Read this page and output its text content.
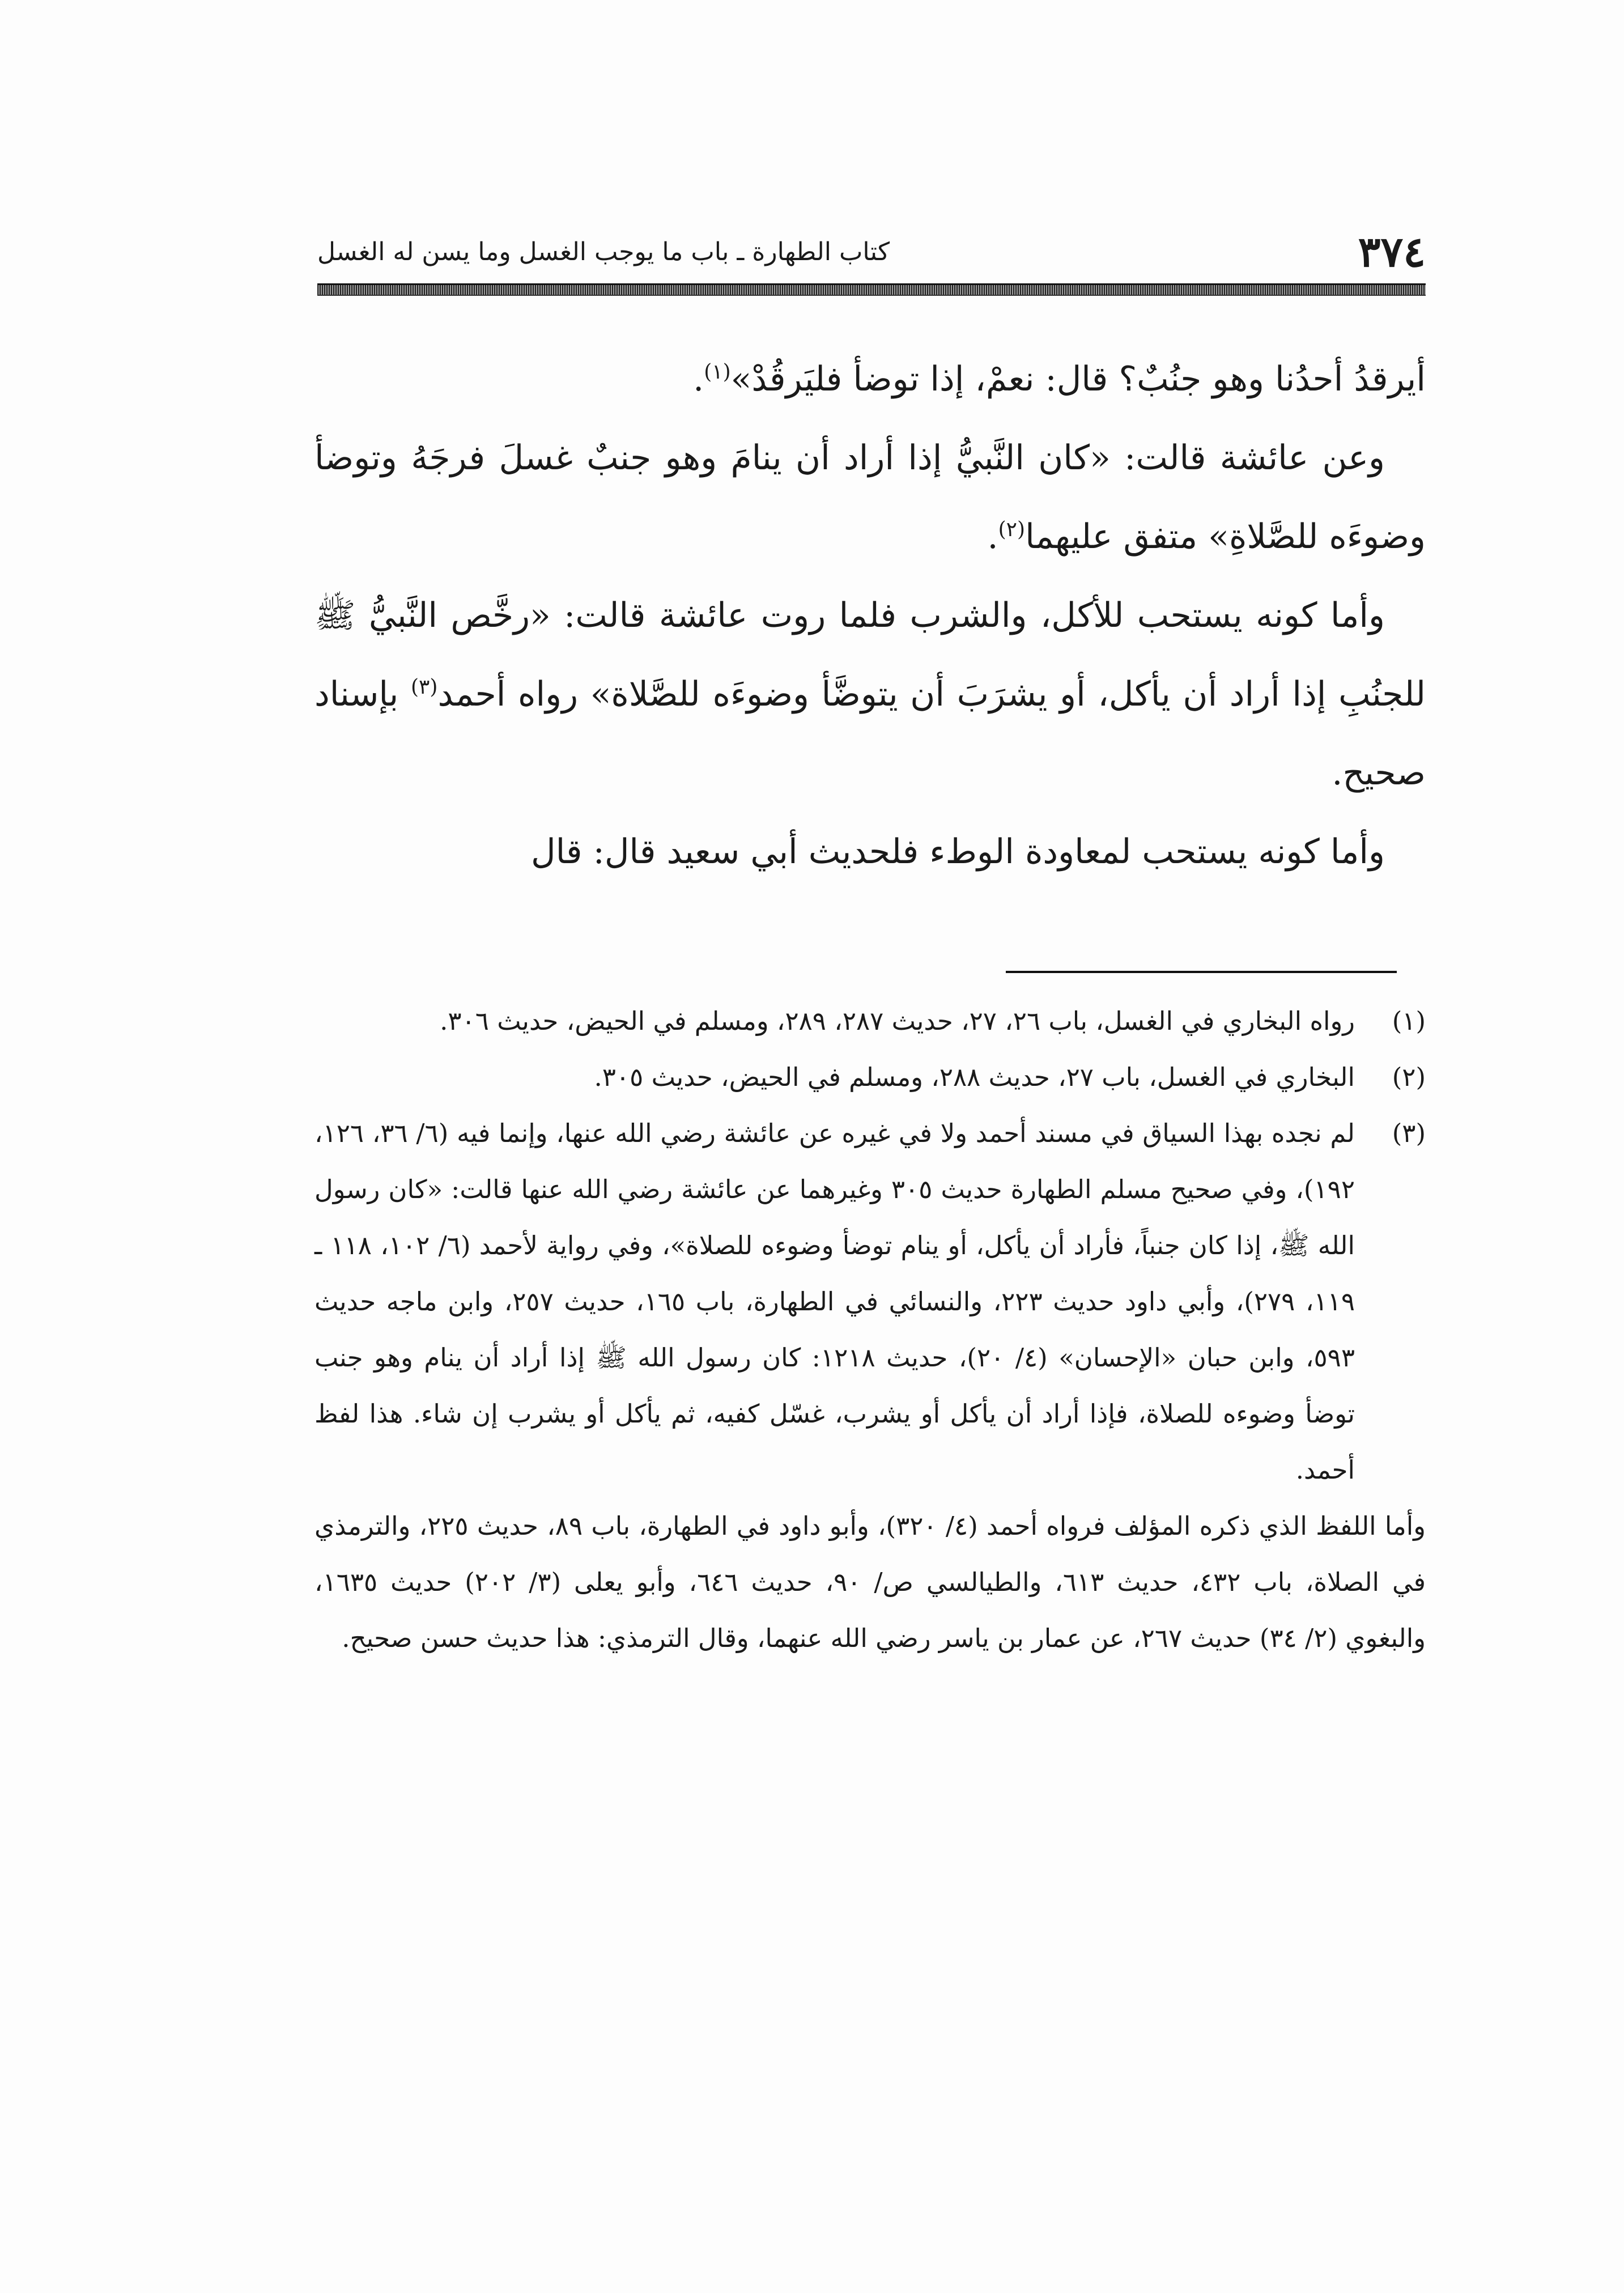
٣٧٤
كتاب الطهارة ـ باب ما يوجب الغسل وما يسن له الغسل

أيرقدُ أحدُنا وهو جنُبٌ؟ قال: نعمْ، إذا توضأ فليَرقُدْ»$^{(١)}$.

وعن عائشة قالت: «كان النَّبيُّ إذا أراد أن ينامَ وهو جنبٌ غسلَ فرجَهُ وتوضأ وضوءَه للصَّلاةِ» متفق عليهما$^{(٢)}$.

وأما كونه يستحب للأكل، والشرب فلما روت عائشة قالت: «رخَّص النَّبيُّ ﷺ للجنُبِ إذا أراد أن يأكل، أو يشرَبَ أن يتوضَّأ وضوءَه للصَّلاة» رواه أحمد$^{(٣)}$ بإسناد صحيح.

وأما كونه يستحب لمعاودة الوطء فلحديث أبي سعيد قال: قال

(١)
رواه البخاري في الغسل، باب ٢٦، ٢٧، حديث ٢٨٧، ٢٨٩، ومسلم في الحيض، حديث ٣٠٦.
(٢)
البخاري في الغسل، باب ٢٧، حديث ٢٨٨، ومسلم في الحيض، حديث ٣٠٥.
(٣)
لم نجده بهذا السياق في مسند أحمد ولا في غيره عن عائشة رضي الله عنها، وإنما فيه (٦/ ٣٦، ١٢٦، ١٩٢)، وفي صحيح مسلم الطهارة حديث ٣٠٥ وغيرهما عن عائشة رضي الله عنها قالت: «كان رسول الله ﷺ، إذا كان جنباً، فأراد أن يأكل، أو ينام توضأ وضوءه للصلاة»، وفي رواية لأحمد (٦/ ١٠٢، ١١٨ ـ ١١٩، ٢٧٩)، وأبي داود حديث ٢٢٣، والنسائي في الطهارة، باب ١٦٥، حديث ٢٥٧، وابن ماجه حديث ٥٩٣، وابن حبان «الإحسان» (٤/ ٢٠)، حديث ١٢١٨: كان رسول الله ﷺ إذا أراد أن ينام وهو جنب توضأ وضوءه للصلاة، فإذا أراد أن يأكل أو يشرب، غسّل كفيه، ثم يأكل أو يشرب إن شاء. هذا لفظ أحمد.
وأما اللفظ الذي ذكره المؤلف فرواه أحمد (٤/ ٣٢٠)، وأبو داود في الطهارة، باب ٨٩، حديث ٢٢٥، والترمذي في الصلاة، باب ٤٣٢، حديث ٦١٣، والطيالسي ص/ ٩٠، حديث ٦٤٦، وأبو يعلى (٣/ ٢٠٢) حديث ١٦٣٥، والبغوي (٢/ ٣٤) حديث ٢٦٧، عن عمار بن ياسر رضي الله عنهما، وقال الترمذي: هذا حديث حسن صحيح.
